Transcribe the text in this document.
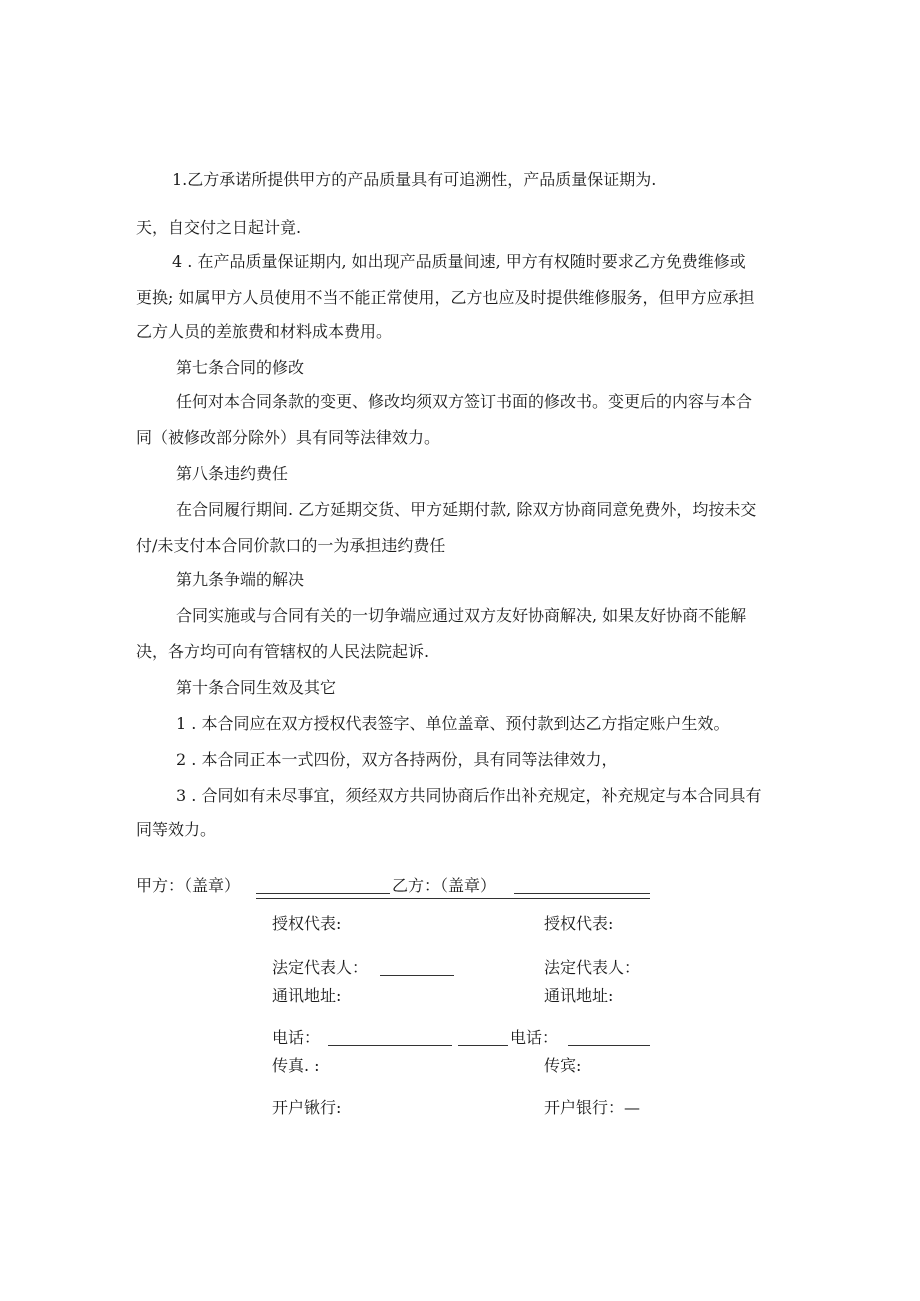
1.乙方承诺所提供甲方的产品质量具有可追溯性，产品质量保证期为.
天，自交付之日起计竟.
4 . 在产品质量保证期内, 如出现产品质量间速, 甲方有权随时要求乙方免费维修或
更换; 如属甲方人员使用不当不能正常使用，乙方也应及时提供维修服务，但甲方应承担
乙方人员的差旅费和材料成本费用。
第七条合同的修改
任何对本合同条款的变更、修改均须双方签订书面的修改书。变更后的内容与本合
同（被修改部分除外）具有同等法律效力。
第八条违约费任
在合同履行期间. 乙方延期交货、甲方延期付款, 除双方协商同意免费外，均按未交
付/未支付本合同价款口的一为承担违约费任
第九条争端的解决
合同实施或与合同有关的一切争端应通过双方友好协商解决, 如果友好协商不能解
决，各方均可向有管辖权的人民法院起诉.
第十条合同生效及其它
1 . 本合同应在双方授权代表签字、单位盖章、预付款到达乙方指定账户生效。
2 . 本合同正本一式四份，双方各持两份，具有同等法律效力，
3 . 合同如有未尽事宜，须经双方共同协商后作出补充规定，补充规定与本合同具有
同等效力。
甲方：（盖章）	乙方：（盖章）
授权代表:	授权代表:
法定代表人：	法定代表人：
通讯地址:	通讯地址:
电话：	电话：
传真. :	传宾:
开户锹行:	开户银行：—
